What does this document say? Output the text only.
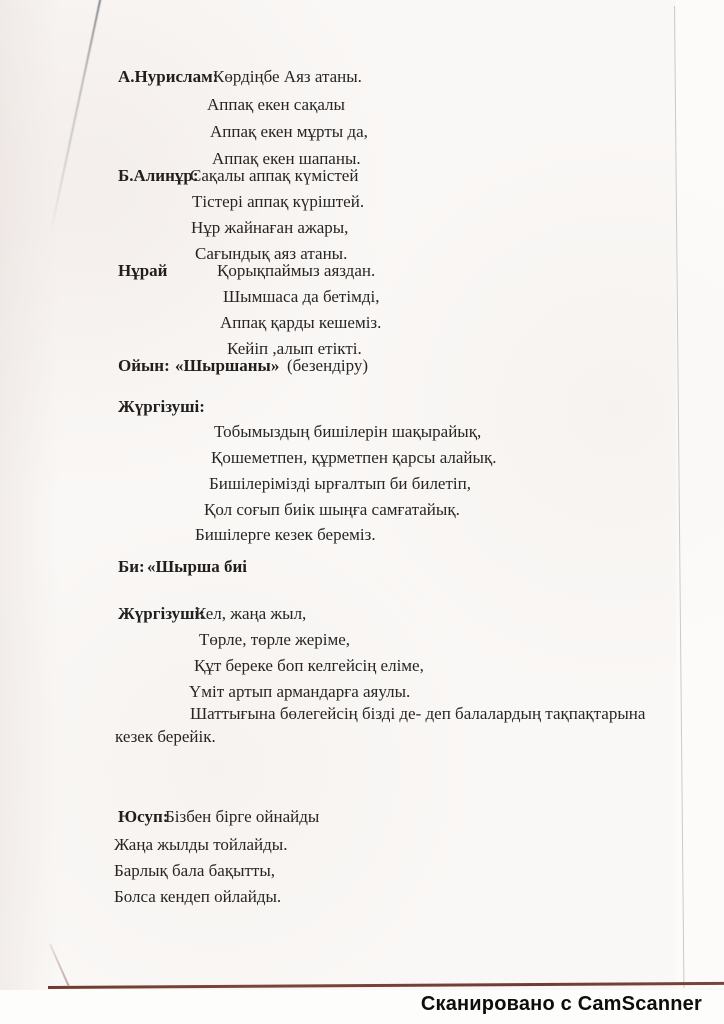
А.Нурислам:
Көрдіңбе Аяз атаны.
Аппақ екен сақалы
Аппақ екен мұрты да,
Аппақ екен шапаны.
Б.Алинұр:
Сақалы аппақ күмістей
Тістері аппақ күріштей.
Нұр жайнаған ажары,
Сағындық аяз атаны.
Нұрай	Қорықпаймыз аяздан.
Шымшаса да бетімді,
Аппақ қарды кешеміз.
Кейіп ,алып етікті.
Ойын: «Шыршаны» (безендіру)
Жүргізуші:
Тобымыздың бишілерін шақырайық,
Қошеметпен, құрметпен қарсы алайық.
Бишілерімізді ырғалтып би билетіп,
Қол соғып биік шыңға самғатайық.
Бишілерге кезек береміз.
Би: «Шырша биі
Жүргізуші:
Кел, жаңа жыл,
Төрле, төрле жеріме,
Құт береке боп келгейсің еліме,
Үміт артып армандарға аяулы.
Шаттығына бөлегейсің бізді де- деп балалардың тақпақтарына
кезек берейік.
Юсуп:
Бізбен бірге ойнайды
Жаңа жылды тойлайды.
Барлық бала бақытты,
Болса кендеп ойлайды.
Сканировано с CamScanner
